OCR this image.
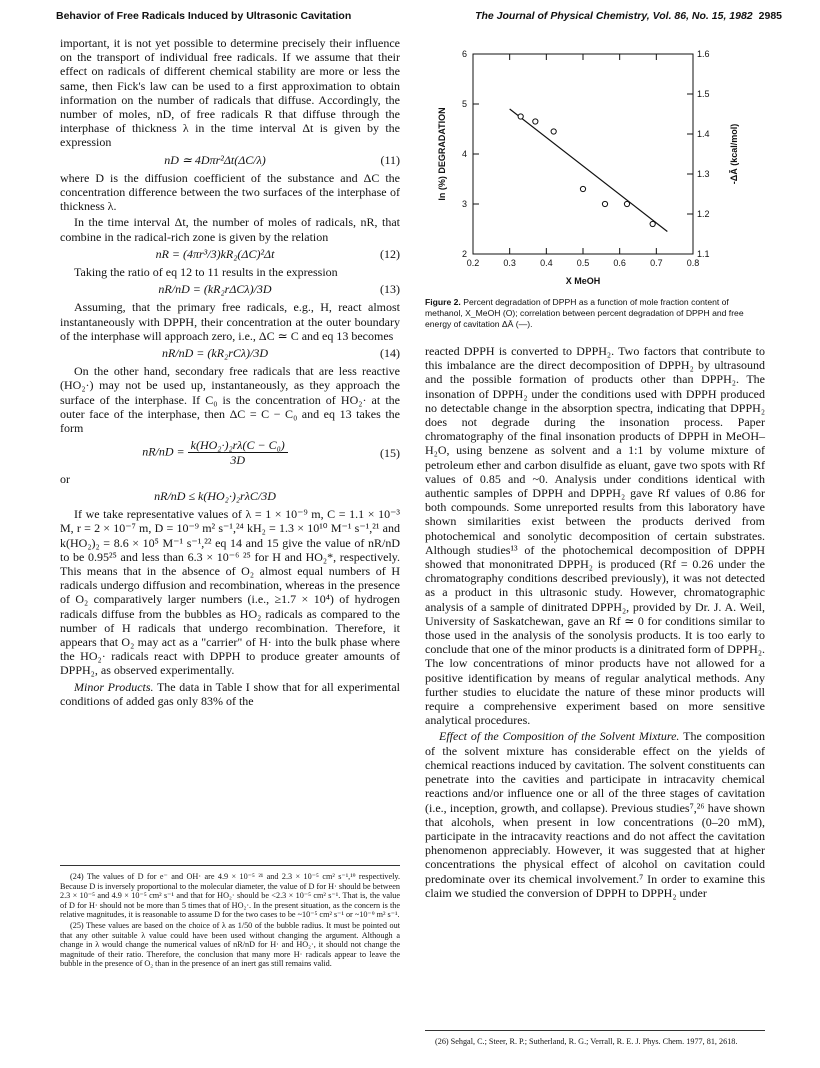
Behavior of Free Radicals Induced by Ultrasonic Cavitation	The Journal of Physical Chemistry, Vol. 86, No. 15, 1982 2985

important, it is not yet possible to determine precisely their influence on the transport of individual free radicals. If we assume that their effect on radicals of different chemical stability are more or less the same, then Fick's law can be used to a first approximation to obtain information on the number of radicals that diffuse. Accordingly, the number of moles, nD, of free radicals R that diffuse through the interphase of thickness λ in the time interval Δt is given by the expression

nD ≃ 4Dπr²Δt(ΔC/λ)	(11)

where D is the diffusion coefficient of the substance and ΔC the concentration difference between the two surfaces of the interphase of thickness λ.

In the time interval Δt, the number of moles of radicals, nR, that combine in the radical-rich zone is given by the relation

nR = (4πr³/3)kR₂(ΔC)²Δt	(12)

Taking the ratio of eq 12 to 11 results in the expression

nR/nD = (kR₂rΔCλ)/3D	(13)

Assuming, that the primary free radicals, e.g., H, react almost instantaneously with DPPH, their concentration at the outer boundary of the interphase will approach zero, i.e., ΔC ≃ C and eq 13 becomes

nR/nD = (kR₂rCλ)/3D	(14)

On the other hand, secondary free radicals that are less reactive (HO₂·) may not be used up, instantaneously, as they approach the surface of the interphase. If C₀ is the concentration of HO₂· at the outer face of the interphase, then ΔC = C − C₀ and eq 13 takes the form

$nR/nD = \frac{\text{k(HO₂·)₂rλ(C − C₀)}}{3D}$	(15)

or

nR/nD ≤ k(HO₂·)₂rλC/3D

If we take representative values of λ = 1 × 10⁻⁹ m, C = 1.1 × 10⁻³ M, r = 2 × 10⁻⁷ m, D = 10⁻⁹ m² s⁻¹,²⁴ kH₂ = 1.3 × 10¹⁰ M⁻¹ s⁻¹,²¹ and k(HO₂)₂ = 8.6 × 10⁵ M⁻¹ s⁻¹,²² eq 14 and 15 give the value of nR/nD to be 0.95²⁵ and less than 6.3 × 10⁻⁶ ²⁵ for H and HO₂*, respectively. This means that in the absence of O₂ almost equal numbers of H radicals undergo diffusion and recombination, whereas in the presence of O₂ comparatively larger numbers (i.e., ≥1.7 × 10⁴) of hydrogen radicals diffuse from the bubbles as HO₂ radicals as compared to the number of H radicals that undergo recombination. Therefore, it appears that O₂ may act as a "carrier" of H· into the bulk phase where the HO₂· radicals react with DPPH to produce greater amounts of DPPH₂, as observed experimentally.

Minor Products. The data in Table I show that for all experimental conditions of added gas only 83% of the

(24) The values of D for e⁻ and OH· are 4.9 × 10⁻⁵ ²¹ and 2.3 × 10⁻⁵ cm² s⁻¹,¹⁹ respectively. Because D is inversely proportional to the molecular diameter, the value of D for H· should be between 2.3 × 10⁻⁵ and 4.9 × 10⁻⁵ cm² s⁻¹ and that for HO₂· should be <2.3 × 10⁻⁵ cm² s⁻¹. That is, the value of D for H· should not be more than 5 times that of HO₂·. In the present situation, as the concern is the relative magnitudes, it is reasonable to assume D for the two cases to be ~10⁻⁵ cm² s⁻¹ or ~10⁻⁹ m² s⁻¹.

(25) These values are based on the choice of λ as 1/50 of the bubble radius. It must be pointed out that any other suitable λ value could have been used without changing the argument. Although a change in λ would change the numerical values of nR/nD for H· and HO₂·, it should not change the magnitude of their ratio. Therefore, the conclusion that many more H· radicals appear to leave the bubble in the presence of O₂ than in the presence of an inert gas still remains valid.

0.2	0.3	0.4	0.5	0.6	0.7	0.8
2
3
4
5
6
1.1
1.2
1.3
1.4
1.5
1.6
X MeOH
ln (%) DEGRADATION	-ΔĀ (kcal/mol)
Figure 2. Percent degradation of DPPH as a function of mole fraction content of methanol, X_MeOH (O); correlation between percent degradation of DPPH and free energy of cavitation ΔĀ (—).

reacted DPPH is converted to DPPH₂. Two factors that contribute to this imbalance are the direct decomposition of DPPH₂ by ultrasound and the possible formation of products other than DPPH₂. The insonation of DPPH₂ under the conditions used with DPPH produced no detectable change in the absorption spectra, indicating that DPPH₂ does not degrade during the insonation process. Paper chromatography of the final insonation products of DPPH in MeOH–H₂O, using benzene as solvent and a 1:1 by volume mixture of petroleum ether and carbon disulfide as eluant, gave two spots with Rf values of 0.85 and ~0. Analysis under conditions identical with authentic samples of DPPH and DPPH₂ gave Rf values of 0.86 for both compounds. Some unreported results from this laboratory have shown similarities exist between the products derived from photochemical and sonolytic decomposition of certain substrates. Although studies¹³ of the photochemical decomposition of DPPH showed that mononitrated DPPH₂ is produced (Rf = 0.26 under the chromatography conditions described previously), it was not detected as a product in this ultrasonic study. However, chromatographic analysis of a sample of dinitrated DPPH₂, provided by Dr. J. A. Weil, University of Saskatchewan, gave an Rf ≃ 0 for conditions similar to those used in the analysis of the sonolysis products. It is too early to conclude that one of the minor products is a dinitrated form of DPPH₂. The low concentrations of minor products have not allowed for a positive identification by means of regular analytical methods. Any further studies to elucidate the nature of these minor products will require a comprehensive experiment based on more sensitive analytical procedures.

Effect of the Composition of the Solvent Mixture. The composition of the solvent mixture has considerable effect on the yields of chemical reactions induced by cavitation. The solvent constituents can penetrate into the cavities and participate in intracavity chemical reactions and/or influence one or all of the three stages of cavitation (i.e., inception, growth, and collapse). Previous studies⁷,²⁶ have shown that alcohols, when present in low concentrations (0–20 mM), participate in the intracavity reactions and do not affect the cavitation phenomenon appreciably. However, it was suggested that at higher concentrations the physical effect of alcohol on cavitation could predominate over its chemical involvement.⁷ In order to examine this claim we studied the conversion of DPPH to DPPH₂ under

(26) Sehgal, C.; Steer, R. P.; Sutherland, R. G.; Verrall, R. E. J. Phys. Chem. 1977, 81, 2618.
